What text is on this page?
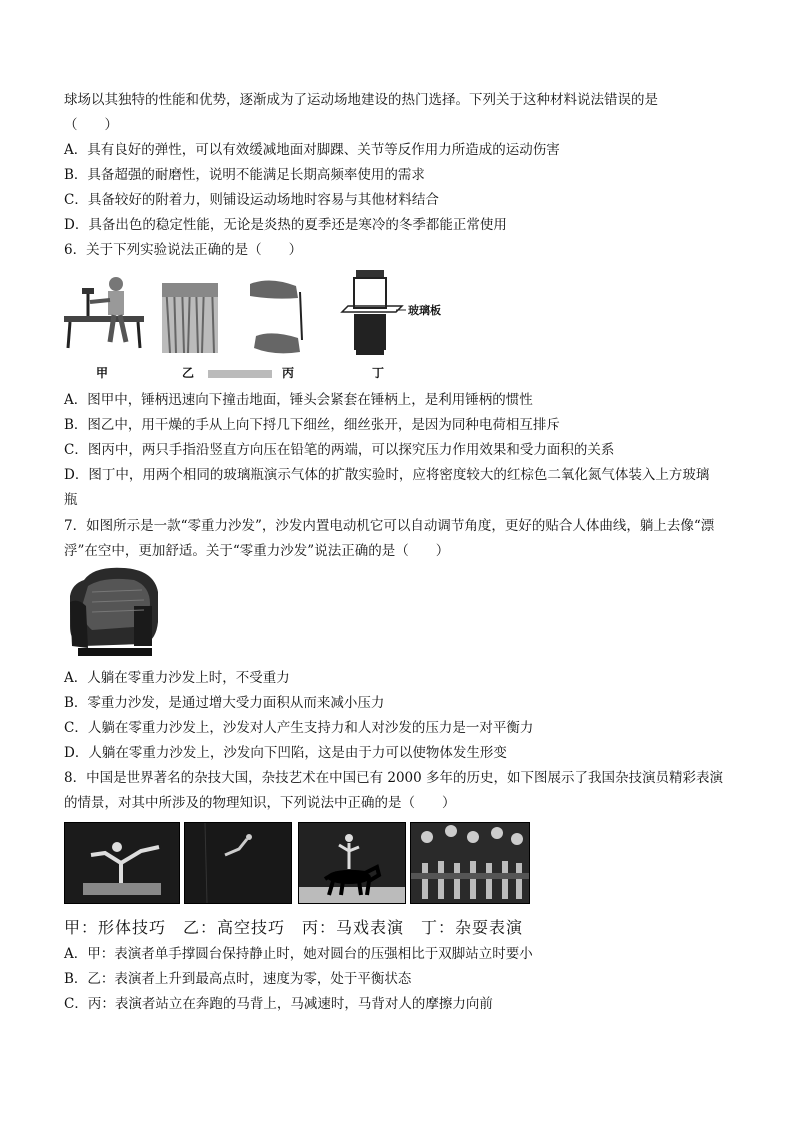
球场以其独特的性能和优势，逐渐成为了运动场地建设的热门选择。下列关于这种材料说法错误的是
（　　）
A．具有良好的弹性，可以有效缓减地面对脚踝、关节等反作用力所造成的运动伤害
B．具备超强的耐磨性，说明不能满足长期高频率使用的需求
C．具备较好的附着力，则铺设运动场地时容易与其他材料结合
D．具备出色的稳定性能，无论是炎热的夏季还是寒冷的冬季都能正常使用
6．关于下列实验说法正确的是（　　）
玻璃板
甲	乙	丙	丁
A．图甲中，锤柄迅速向下撞击地面，锤头会紧套在锤柄上，是利用锤柄的惯性
B．图乙中，用干燥的手从上向下捋几下细丝，细丝张开，是因为同种电荷相互排斥
C．图丙中，两只手指沿竖直方向压在铅笔的两端，可以探究压力作用效果和受力面积的关系
D．图丁中，用两个相同的玻璃瓶演示气体的扩散实验时，应将密度较大的红棕色二氧化氮气体装入上方玻璃
瓶
7．如图所示是一款“零重力沙发”，沙发内置电动机它可以自动调节角度，更好的贴合人体曲线，躺上去像“漂
浮”在空中，更加舒适。关于“零重力沙发”说法正确的是（　　）
A．人躺在零重力沙发上时，不受重力
B．零重力沙发，是通过增大受力面积从而来减小压力
C．人躺在零重力沙发上，沙发对人产生支持力和人对沙发的压力是一对平衡力
D．人躺在零重力沙发上，沙发向下凹陷，这是由于力可以使物体发生形变
8．中国是世界著名的杂技大国，杂技艺术在中国已有 2000 多年的历史，如下图展示了我国杂技演员精彩表演
的情景，对其中所涉及的物理知识，下列说法中正确的是（　　）
甲：形体技巧　乙：高空技巧　丙：马戏表演　丁：杂耍表演
A．甲：表演者单手撑圆台保持静止时，她对圆台的压强相比于双脚站立时要小
B．乙：表演者上升到最高点时，速度为零，处于平衡状态
C．丙：表演者站立在奔跑的马背上，马减速时，马背对人的摩擦力向前
